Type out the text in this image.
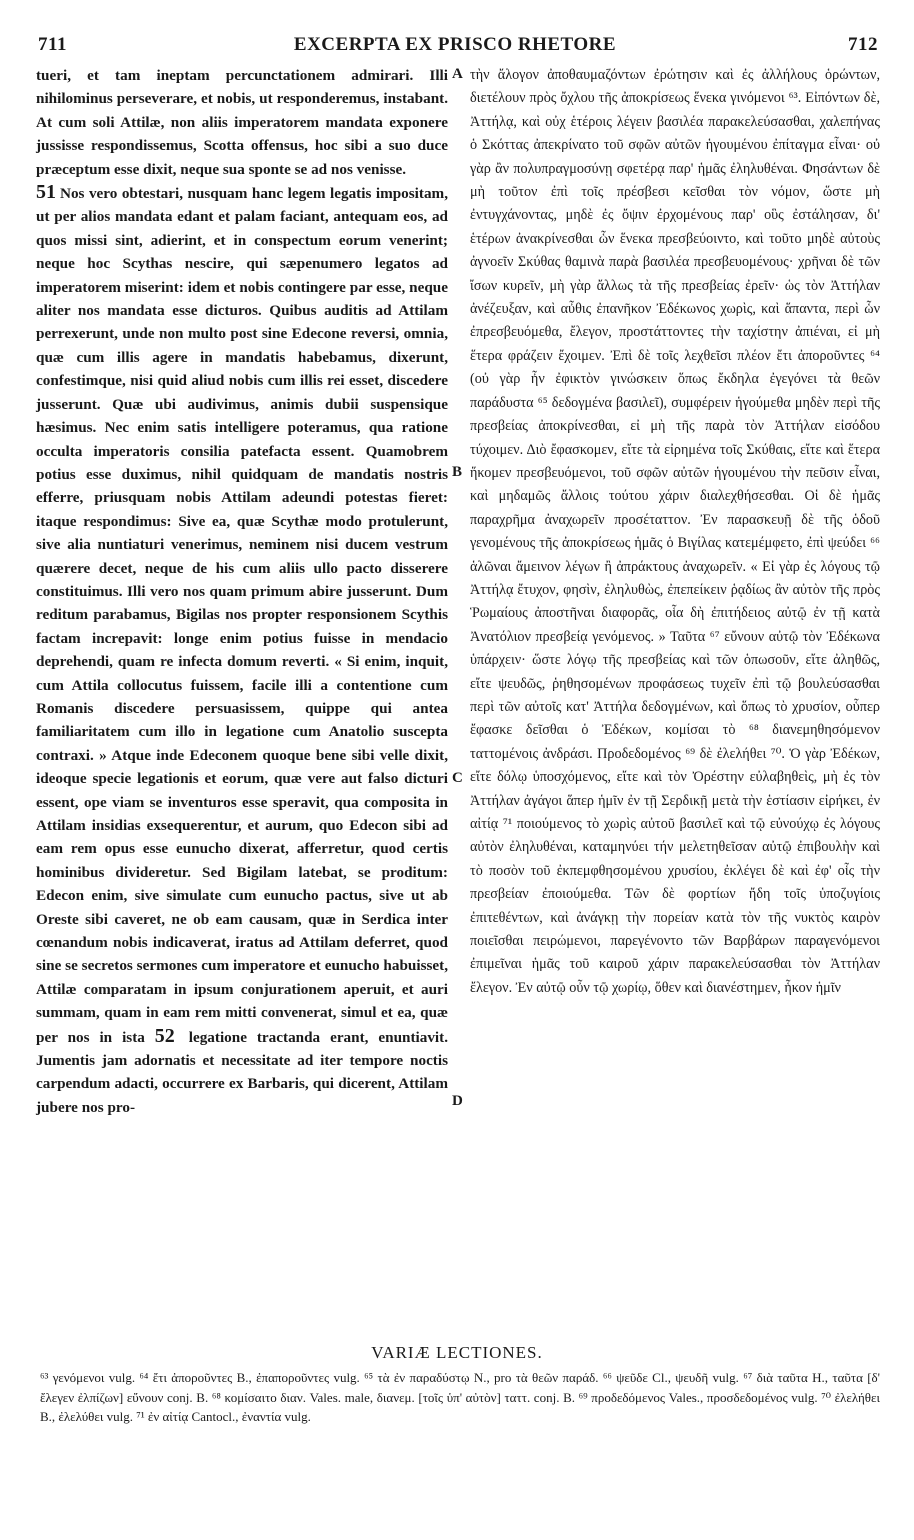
711	EXCERPTA EX PRISCO RHETORE	712

tueri, et tam ineptam percunctationem admirari. Illi nihilominus perseverare, et nobis, ut responderemus, instabant. At cum soli Attilæ, non aliis imperatorem mandata exponere jussisse respondissemus, Scotta offensus, hoc sibi a suo duce præceptum esse dixit, neque sua sponte se ad nos venisse.

51 Nos vero obtestari, nusquam hanc legem legatis impositam, ut per alios mandata edant et palam faciant, antequam eos, ad quos missi sint, adierint, et in conspectum eorum venerint; neque hoc Scythas nescire, qui sæpenumero legatos ad imperatorem miserint: idem et nobis contingere par esse, neque aliter nos mandata esse dicturos. Quibus auditis ad Attilam perrexerunt, unde non multo post sine Edecone reversi, omnia, quæ cum illis agere in mandatis habebamus, dixerunt, confestimque, nisi quid aliud nobis cum illis rei esset, discedere jusserunt. Quæ ubi audivimus, animis dubii suspensique hæsimus. Nec enim satis intelligere poteramus, qua ratione occulta imperatoris consilia patefacta essent. Quamobrem potius esse duximus, nihil quidquam de mandatis nostris efferre, priusquam nobis Attilam adeundi potestas fieret: itaque respondimus: Sive ea, quæ Scythæ modo protulerunt, sive alia nuntiaturi venerimus, neminem nisi ducem vestrum quærere decet, neque de his cum aliis ullo pacto disserere constituimus. Illi vero nos quam primum abire jusserunt. Dum reditum parabamus, Bigilas nos propter responsionem Scythis factam increpavit: longe enim potius fuisse in mendacio deprehendi, quam re infecta domum reverti. « Si enim, inquit, cum Attila collocutus fuissem, facile illi a contentione cum Romanis discedere persuasissem, quippe qui antea familiaritatem cum illo in legatione cum Anatolio suscepta contraxi. » Atque inde Edeconem quoque bene sibi velle dixit, ideoque specie legationis et eorum, quæ vere aut falso dicturi essent, ope viam se inventuros esse speravit, qua composita in Attilam insidias exsequerentur, et aurum, quo Edecon sibi ad eam rem opus esse eunucho dixerat, afferretur, quod certis hominibus divideretur. Sed Bigilam latebat, se proditum: Edecon enim, sive simulate cum eunucho pactus, sive ut ab Oreste sibi caveret, ne ob eam causam, quæ in Serdica inter cœnandum nobis indicaverat, iratus ad Attilam deferret, quod sine se secretos sermones cum imperatore et eunucho habuisset, Attilæ comparatam in ipsum conjurationem aperuit, et auri summam, quam in eam rem mitti convenerat, simul et ea, quæ per nos in ista 52 legatione tractanda erant, enuntiavit. Jumentis jam adornatis et necessitate ad iter tempore noctis carpendum adacti, occurrere ex Barbaris, qui dicerent, Attilam jubere nos pro-

A
B
C
D

τὴν ἄλογον ἀποθαυμαζόντων ἐρώτησιν καὶ ἐς ἀλλήλους ὁρώντων, διετέλουν πρὸς ὄχλου τῆς ἀποκρίσεως ἕνεκα γινόμενοι ⁶³. Εἰπόντων δὲ, Ἀττήλᾳ, καὶ οὐχ ἑτέροις λέγειν βασιλέα παρακελεύσασθαι, χαλεπήνας ὁ Σκόττας ἀπεκρίνατο τοῦ σφῶν αὐτῶν ἡγουμένου ἐπίταγμα εἶναι· οὐ γὰρ ἂν πολυπραγμοσύνῃ σφετέρᾳ παρ' ἡμᾶς ἐληλυθέναι. Φησάντων δὲ μὴ τοῦτον ἐπὶ τοῖς πρέσβεσι κεῖσθαι τὸν νόμον, ὥστε μὴ ἐντυγχάνοντας, μηδὲ ἐς ὄψιν ἐρχομένους παρ' οὓς ἐστάλησαν, δι' ἑτέρων ἀνακρίνεσθαι ὧν ἕνεκα πρεσβεύοιντο, καὶ τοῦτο μηδὲ αὐτοὺς ἀγνοεῖν Σκύθας θαμινὰ παρὰ βασιλέα πρεσβευομένους· χρῆναι δὲ τῶν ἴσων κυρεῖν, μὴ γὰρ ἄλλως τὰ τῆς πρεσβείας ἐρεῖν· ὡς τὸν Ἀττήλαν ἀνέζευξαν, καὶ αὖθις ἐπανῆκον Ἐδέκωνος χωρὶς, καὶ ἅπαντα, περὶ ὧν ἐπρεσβευόμεθα, ἔλεγον, προστάττοντες τὴν ταχίστην ἀπιέναι, εἰ μὴ ἕτερα φράζειν ἔχοιμεν. Ἐπὶ δὲ τοῖς λεχθεῖσι πλέον ἔτι ἀποροῦντες ⁶⁴ (οὐ γὰρ ἦν ἐφικτὸν γινώσκειν ὅπως ἔκδηλα ἐγεγόνει τὰ θεῶν παράδυστα ⁶⁵ δεδογμένα βασιλεῖ), συμφέρειν ἡγούμεθα μηδὲν περὶ τῆς πρεσβείας ἀποκρίνεσθαι, εἰ μὴ τῆς παρὰ τὸν Ἀττήλαν εἰσόδου τύχοιμεν. Διὸ ἔφασκομεν, εἴτε τὰ εἰρημένα τοῖς Σκύθαις, εἴτε καὶ ἕτερα ἥκομεν πρεσβευόμενοι, τοῦ σφῶν αὐτῶν ἡγουμένου τὴν πεῦσιν εἶναι, καὶ μηδαμῶς ἄλλοις τούτου χάριν διαλεχθήσεσθαι. Οἱ δὲ ἡμᾶς παραχρῆμα ἀναχωρεῖν προσέταττον. Ἐν παρασκευῇ δὲ τῆς ὁδοῦ γενομένους τῆς ἀποκρίσεως ἡμᾶς ὁ Βιγίλας κατεμέμφετο, ἐπὶ ψεύδει ⁶⁶ ἁλῶναι ἄμεινον λέγων ἢ ἀπράκτους ἀναχωρεῖν. « Εἰ γὰρ ἐς λόγους τῷ Ἀττήλᾳ ἔτυχον, φησὶν, ἐληλυθὼς, ἐπεπείκειν ῥᾳδίως ἂν αὐτὸν τῆς πρὸς Ῥωμαίους ἀποστῆναι διαφορᾶς, οἷα δὴ ἐπιτήδειος αὐτῷ ἐν τῇ κατὰ Ἀνατόλιον πρεσβείᾳ γενόμενος. » Ταῦτα ⁶⁷ εὔνουν αὐτῷ τὸν Ἐδέκωνα ὑπάρχειν· ὥστε λόγῳ τῆς πρεσβείας καὶ τῶν ὁπωσοῦν, εἴτε ἀληθῶς, εἴτε ψευδῶς, ῥηθησομένων προφάσεως τυχεῖν ἐπὶ τῷ βουλεύσασθαι περὶ τῶν αὐτοῖς κατ' Ἀττήλα δεδογμένων, καὶ ὅπως τὸ χρυσίον, οὗπερ ἔφασκε δεῖσθαι ὁ Ἐδέκων, κομίσαι τὸ ⁶⁸ διανεμηθησόμενον ταττομένοις ἀνδράσι. Προδεδομένος ⁶⁹ δὲ ἐλελήθει ⁷⁰. Ὁ γὰρ Ἐδέκων, εἴτε δόλῳ ὑποσχόμενος, εἴτε καὶ τὸν Ὀρέστην εὐλαβηθεὶς, μὴ ἐς τὸν Ἀττήλαν ἀγάγοι ἅπερ ἡμῖν ἐν τῇ Σερδικῇ μετὰ τὴν ἑστίασιν εἰρήκει, ἐν αἰτίᾳ ⁷¹ ποιούμενος τὸ χωρὶς αὐτοῦ βασιλεῖ καὶ τῷ εὐνούχῳ ἐς λόγους αὐτὸν ἐληλυθέναι, καταμηνύει τήν μελετηθεῖσαν αὐτῷ ἐπιβουλὴν καὶ τὸ ποσὸν τοῦ ἐκπεμφθησομένου χρυσίου, ἐκλέγει δὲ καὶ ἐφ' οἷς τὴν πρεσβείαν ἐποιούμεθα. Τῶν δὲ φορτίων ἤδη τοῖς ὑποζυγίοις ἐπιτεθέντων, καὶ ἀνάγκῃ τὴν πορείαν κατὰ τὸν τῆς νυκτὸς καιρὸν ποιεῖσθαι πειρώμενοι, παρεγένοντο τῶν Βαρβάρων παραγενόμενοι ἐπιμεῖναι ἡμᾶς τοῦ καιροῦ χάριν παρακελεύσασθαι τὸν Ἀττήλαν ἔλεγον. Ἐν αὐτῷ οὖν τῷ χωρίῳ, ὅθεν καὶ διανέστημεν, ἧκον ἡμῖν

VARIÆ LECTIONES.

⁶³ γενόμενοι vulg. ⁶⁴ ἔτι ἀποροῦντες B., ἐπαποροῦντες vulg. ⁶⁵ τὰ ἐν παραδύστῳ N., pro τὰ θεῶν παράδ. ⁶⁶ ψεῦδε Cl., ψευδῆ vulg. ⁶⁷ διὰ ταῦτα H., ταῦτα [δ' ἔλεγεν ἐλπίζων] εὔνουν conj. B. ⁶⁸ κομίσαιτο διαν. Vales. male, διανεμ. [τοῖς ὑπ' αὐτὸν] ταττ. conj. B. ⁶⁹ προδεδόμενος Vales., προσδεδομένος vulg. ⁷⁰ ἐλελήθει B., ἐλελύθει vulg. ⁷¹ ἐν αἰτίᾳ Cantocl., ἐναντία vulg.
